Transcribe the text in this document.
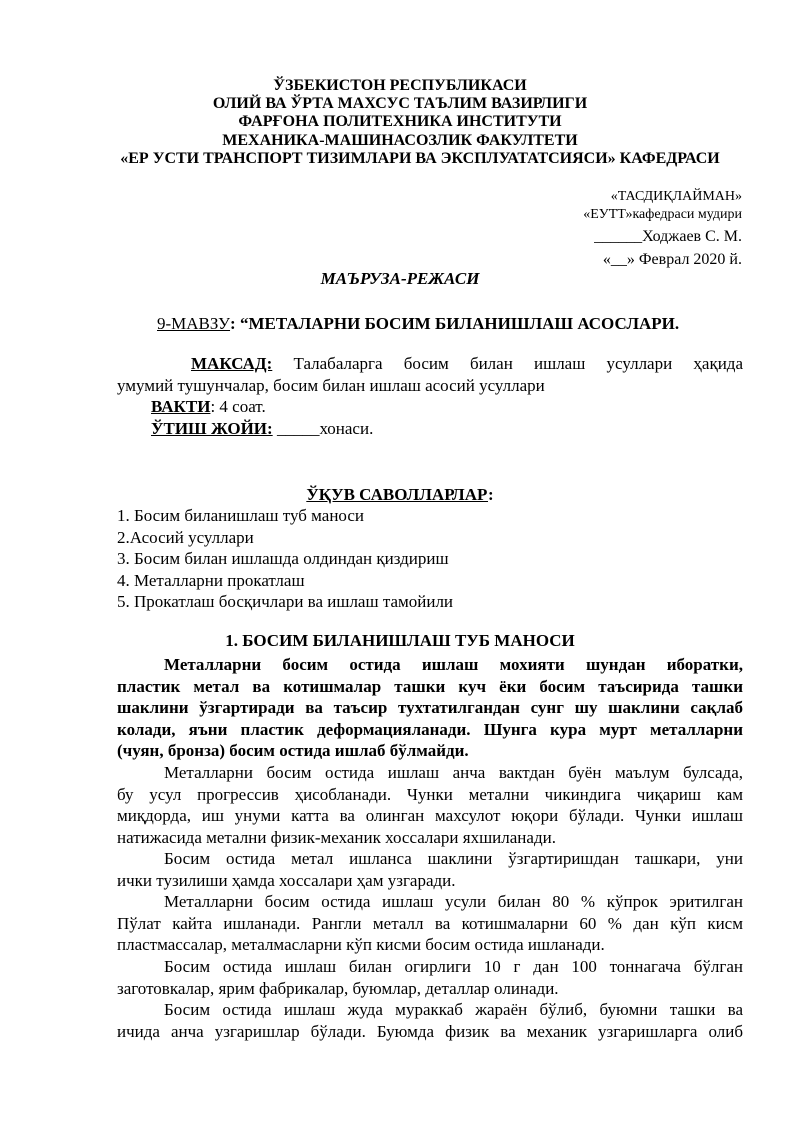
ЎЗБЕКИСТОН РЕСПУБЛИКАСИ
ОЛИЙ ВА ЎРТА МАХСУС ТАЪЛИМ ВАЗИРЛИГИ
ФАРҒОНА ПОЛИТЕХНИКА ИНСТИТУТИ
МЕХАНИКА-МАШИНАСОЗЛИК ФАКУЛТЕТИ
«ЕР УСТИ ТРАНСПОРТ ТИЗИМЛАРИ ВА ЭКСПЛУАТАТСИЯСИ» КАФЕДРАСИ
«ТАСДИҚЛАЙМАН»
«ЕУТТ»кафедраси мудири
______Ходжаев С. М.
«__» Феврал 2020 й.
МАЪРУЗА-РЕЖАСИ
9-МАВЗУ: “МЕТАЛАРНИ БОСИМ БИЛАНИШЛАШ АСОСЛАРИ.
МАКСАД: Талабаларга босим билан ишлаш усуллари ҳақида
умумий тушунчалар, босим билан ишлаш асосий усуллари
ВАКТИ: 4 соат.
ЎТИШ ЖОЙИ: _____хонаси.
ЎҚУВ САВОЛЛАРЛАР:
1. Босим биланишлаш туб маноси
2.Асосий усуллари
3. Босим билан ишлашда олдиндан қиздириш
4. Металларни прокатлаш
5. Прокатлаш босқичлари ва ишлаш тамойили
1. БОСИМ БИЛАНИШЛАШ ТУБ МАНОСИ
Металларни босим остида ишлаш мохияти шундан иборатки,
пластик метал ва котишмалар ташки куч ёки босим таъсирида ташки
шаклини ўзгартиради ва таъсир тухтатилгандан сунг шу шаклини сақлаб
колади, яъни пластик деформацияланади. Шунга кура мурт металларни
(чуян, бронза) босим остида ишлаб бўлмайди.
Металларни босим остида ишлаш анча вактдан буён маълум булсада,
бу усул прогрессив ҳисобланади. Чунки метални чикиндига чиқариш кам
миқдорда, иш унуми катта ва олинган махсулот юқори бўлади. Чунки ишлаш
натижасида метални физик-механик хоссалари яхшиланади.
Босим остида метал ишланса шаклини ўзгартиришдан ташкари, уни
ички тузилиши ҳамда хоссалари ҳам узгаради.
Металларни босим остида ишлаш усули билан 80 % кўпрок эритилган
Пўлат кайта ишланади. Рангли металл ва котишмаларни 60 % дан кўп кисм
пластмассалар, металмасларни кўп кисми босим остида ишланади.
Босим остида ишлаш билан огирлиги 10 г дан 100 тоннагача бўлган
заготовкалар, ярим фабрикалар, буюмлар, деталлар олинади.
Босим остида ишлаш жуда мураккаб жараён бўлиб, буюмни ташки ва
ичида анча узгаришлар бўлади. Буюмда физик ва механик узгаришларга олиб
